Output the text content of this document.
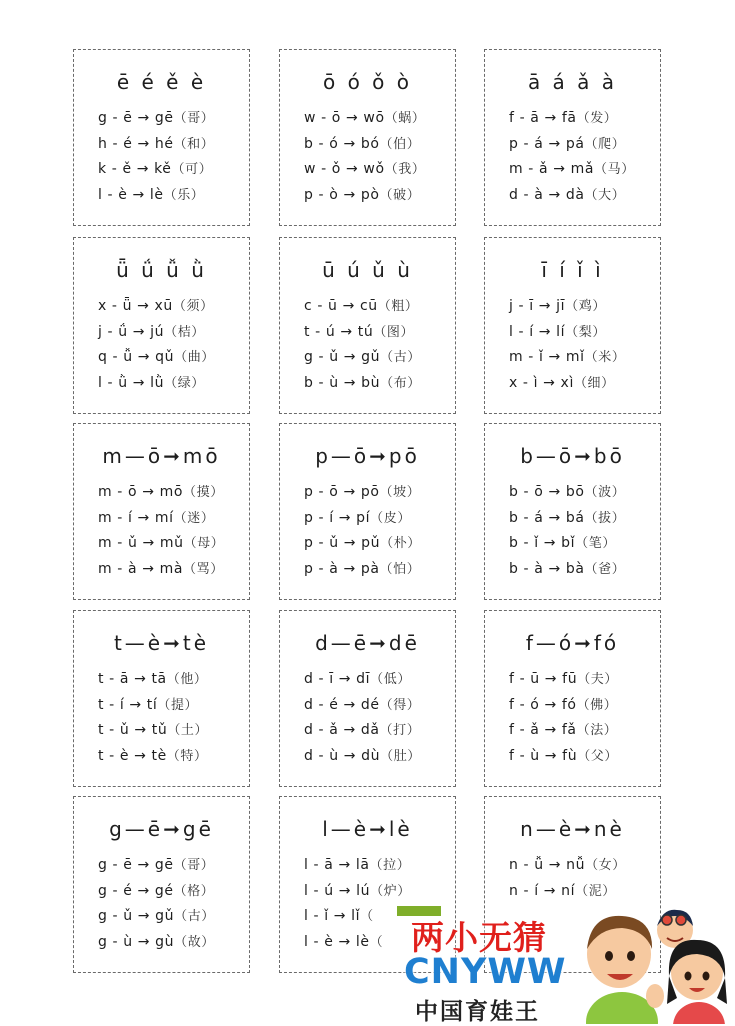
ē é ě è
g - ē → gē（哥）
h - é → hé（和）
k - ě → kě（可）
l - è → lè（乐）
ō ó ǒ ò
w - ō → wō（蜗）
b - ó → bó（伯）
w - ǒ → wǒ（我）
p - ò → pò（破）
ā á ǎ à
f - ā → fā（发）
p - á → pá（爬）
m - ǎ → mǎ（马）
d - à → dà（大）
ǖ ǘ ǚ ǜ
x - ǖ → xū（须）
j - ǘ → jú（桔）
q - ǚ → qǔ（曲）
l - ǜ → lǜ（绿）
ū ú ǔ ù
c - ū → cū（粗）
t - ú → tú（图）
g - ǔ → gǔ（古）
b - ù → bù（布）
ī í ǐ ì
j - ī → jī（鸡）
l - í → lí（梨）
m - ǐ → mǐ（米）
x - ì → xì（细）
m—ō➞mō
m - ō → mō（摸）
m - í → mí（迷）
m - ǔ → mǔ（母）
m - à → mà（骂）
p—ō➞pō
p - ō → pō（坡）
p - í → pí（皮）
p - ǔ → pǔ（朴）
p - à → pà（怕）
b—ō➞bō
b - ō → bō（波）
b - á → bá（拔）
b - ǐ → bǐ（笔）
b - à → bà（爸）
t—è➞tè
t - ā → tā（他）
t - í → tí（提）
t - ǔ → tǔ（土）
t - è → tè（特）
d—ē➞dē
d - ī → dī（低）
d - é → dé（得）
d - ǎ → dǎ（打）
d - ù → dù（肚）
f—ó➞fó
f - ū → fū（夫）
f - ó → fó（佛）
f - ǎ → fǎ（法）
f - ù → fù（父）
g—ē➞gē
g - ē → gē（哥）
g - é → gé（格）
g - ǔ → gǔ（古）
g - ù → gù（故）
l—è➞lè
l - ā → lā（拉）
l - ú → lú（炉）
l - ǐ → lǐ（
l - è → lè（
n—è➞nè
n - ǚ → nǚ（女）
n - í → ní（泥）
两小无猜
CNYWW
中国育娃王
